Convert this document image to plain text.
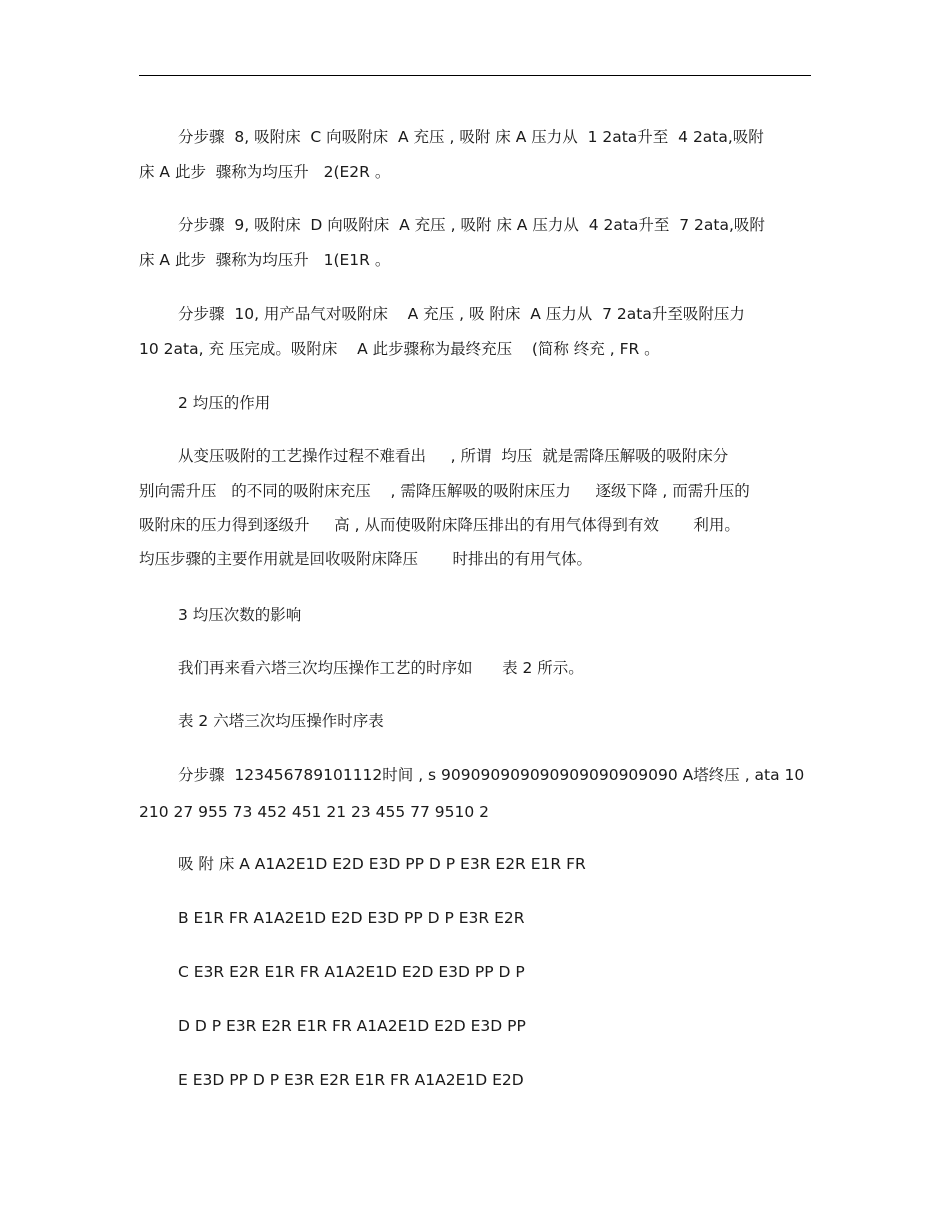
分步骤  8, 吸附床  C 向吸附床  A 充压 , 吸附 床 A 压力从  1 2ata升至  4 2ata,吸附

床 A 此步  骤称为均压升   2(E2R 。

分步骤  9, 吸附床  D 向吸附床  A 充压 , 吸附 床 A 压力从  4 2ata升至  7 2ata,吸附

床 A 此步  骤称为均压升   1(E1R 。

分步骤  10, 用产品气对吸附床    A 充压 , 吸 附床  A 压力从  7 2ata升至吸附压力

10 2ata, 充 压完成。吸附床    A 此步骤称为最终充压    (简称 终充 , FR 。

2 均压的作用

从变压吸附的工艺操作过程不难看出     , 所谓  均压  就是需降压解吸的吸附床分

别向需升压   的不同的吸附床充压    , 需降压解吸的吸附床压力     逐级下降 , 而需升压的

吸附床的压力得到逐级升     高 , 从而使吸附床降压排出的有用气体得到有效       利用。

均压步骤的主要作用就是回收吸附床降压       时排出的有用气体。

3 均压次数的影响

我们再来看六塔三次均压操作工艺的时序如      表 2 所示。

表 2 六塔三次均压操作时序表

分步骤  123456789101112时间 , s 909090909090909090909090 A塔终压 , ata 10

210 27 955 73 452 451 21 23 455 77 9510 2

吸 附 床 A A1A2E1D E2D E3D PP D P E3R E2R E1R FR

B E1R FR A1A2E1D E2D E3D PP D P E3R E2R

C E3R E2R E1R FR A1A2E1D E2D E3D PP D P

D D P E3R E2R E1R FR A1A2E1D E2D E3D PP

E E3D PP D P E3R E2R E1R FR A1A2E1D E2D
